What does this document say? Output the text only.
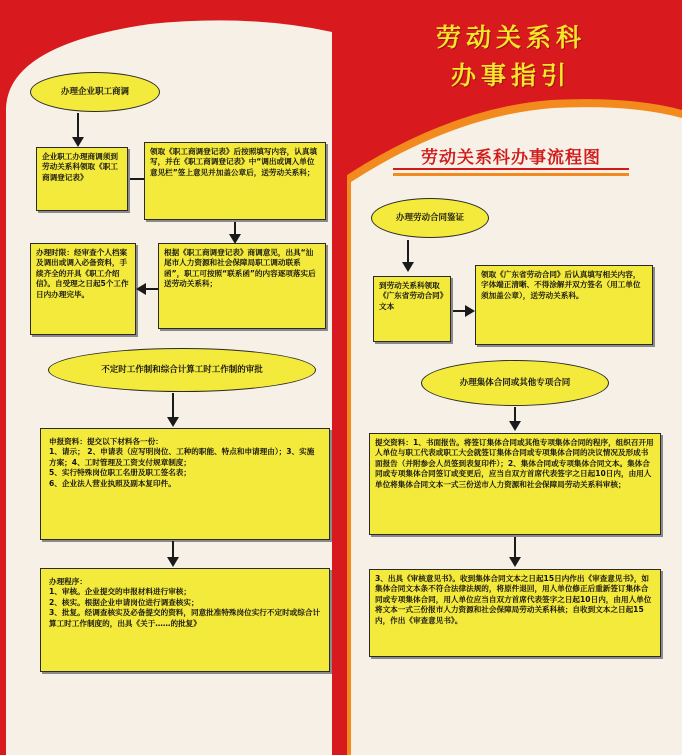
办理企业职工商调
企业职工办理商调须到劳动关系科领取《职工商调登记表》
领取《职工商调登记表》后按照填写内容，认真填写，并在《职工商调登记表》中“调出或调入单位意见栏”签上意见并加盖公章后，送劳动关系科；
办理时限：经审查个人档案及调出或调入必备资料，手续齐全的开具《职工介绍信》。自受理之日起5个工作日内办理完毕。
根据《职工商调登记表》商调意见，出具“汕尾市人力资源和社会保障局职工调动联系函”，职工可按照“联系函”的内容逐项落实后送劳动关系科；
不定时工作制和综合计算工时工作制的审批
申报资料：提交以下材料各一份：
1、请示； 2、申请表（应写明岗位、工种的职能、特点和申请理由）；3、实施方案；4、工时管理及工资支付规章制度；
5、实行特殊岗位职工名册及职工签名表；
6、企业法人营业执照及副本复印件。
办理程序：
1、审核。企业提交的申报材料进行审核；
2、核实。根据企业申请岗位进行调查核实；
3、批复。经调查核实及必备提交的资料，同意批准特殊岗位实行不定时或综合计算工时工作制度的，出具《关于……的批复》
劳动关系科
办事指引
劳动关系科办事流程图
办理劳动合同鉴证
到劳动关系科领取《广东省劳动合同》文本
领取《广东省劳动合同》后认真填写相关内容，字体端正清晰、不得涂解并双方签名（用工单位须加盖公章），送劳动关系科。
办理集体合同或其他专项合同
提交资料：1、书面报告。将签订集体合同或其他专项集体合同的程序，组织召开用人单位与职工代表或职工大会就签订集体合同或专项集体合同的决议情况及形成书面报告（并附参会人员签到表复印件）；2、集体合同或专项集体合同文本。集体合同或专项集体合同签订或变更后，应当自双方首席代表签字之日起10日内，由用人单位将集体合同文本一式三份送市人力资源和社会保障局劳动关系科审核；
3、出具《审核意见书》。收到集体合同文本之日起15日内作出《审查意见书》，如集体合同文本条不符合法律法规的，将原件退回，用人单位修正后重新签订集体合同或专项集体合同，用人单位应当自双方首席代表签字之日起10日内，由用人单位将文本一式三份报市人力资源和社会保障局劳动关系科核；自收到文本之日起15内，作出《审查意见书》。
